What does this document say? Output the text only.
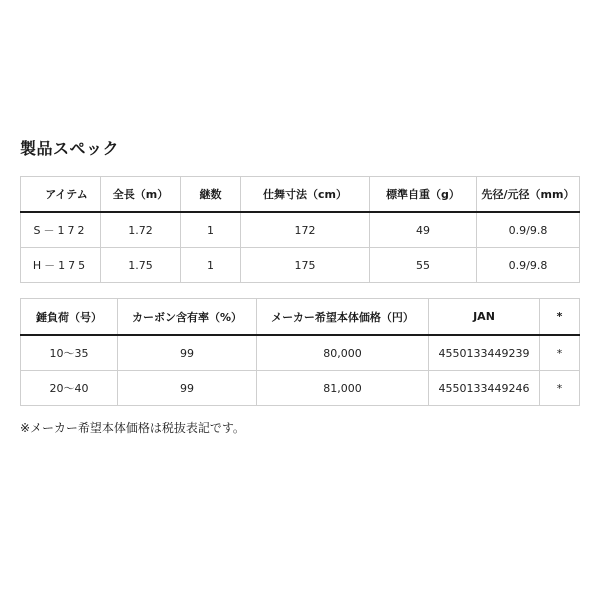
製品スペック
アイテム	全長（m）	継数	仕舞寸法（cm）	標準自重（g）	先径/元径（mm）
S－172	1.72	1	172	49	0.9/9.8
H－175	1.75	1	175	55	0.9/9.8
錘負荷（号）	カーボン含有率（%）	メーカー希望本体価格（円）	JAN	*
10～35	99	80,000	4550133449239	*
20～40	99	81,000	4550133449246	*
※メーカー希望本体価格は税抜表記です。
